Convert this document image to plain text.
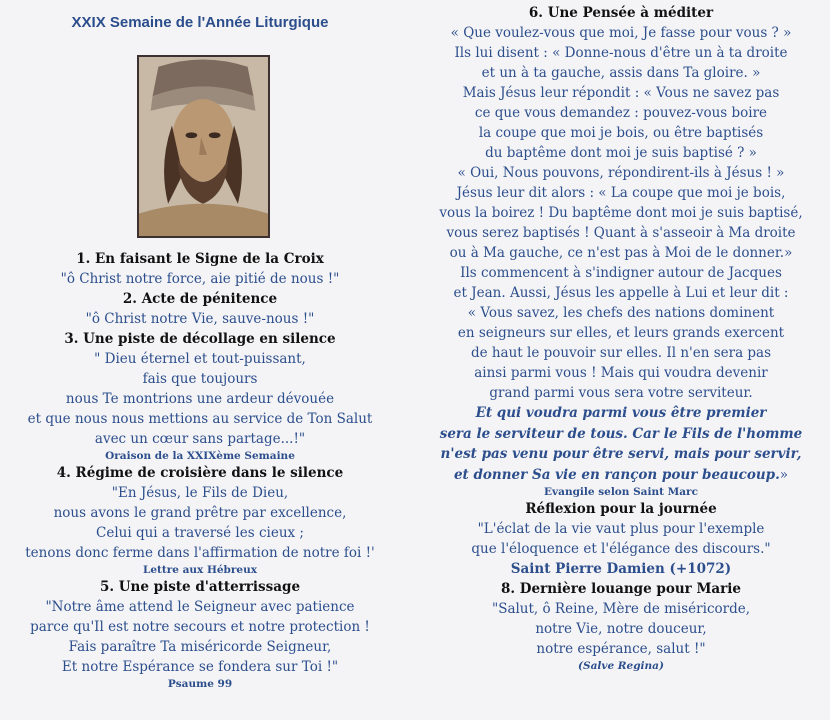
XXIX Semaine de l'Année Liturgique
1. En faisant le Signe de la Croix
"ô Christ notre force, aie pitié de nous !"
2. Acte de pénitence
"ô Christ notre Vie, sauve-nous !"
3. Une piste de décollage en silence
" Dieu éternel et tout-puissant,
fais que toujours
nous Te montrions une ardeur dévouée
et que nous nous mettions au service de Ton Salut
avec un cœur sans partage...!"
Oraison de la XXIXème Semaine
4. Régime de croisière dans le silence
"En Jésus, le Fils de Dieu,
nous avons le grand prêtre par excellence,
Celui qui a traversé les cieux ;
tenons donc ferme dans l'affirmation de notre foi !'
Lettre aux Hébreux
5. Une piste d'atterrissage
"Notre âme attend le Seigneur avec patience
parce qu'Il est notre secours et notre protection !
Fais paraître Ta miséricorde Seigneur,
Et notre Espérance se fondera sur Toi !"
Psaume 99
6. Une Pensée à méditer
« Que voulez-vous que moi, Je fasse pour vous ? »
Ils lui disent : « Donne-nous d'être un à ta droite
et un à ta gauche, assis dans Ta gloire. »
Mais Jésus leur répondit : « Vous ne savez pas
ce que vous demandez : pouvez-vous boire
la coupe que moi je bois, ou être baptisés
du baptême dont moi je suis baptisé ? »
« Oui, Nous pouvons, répondirent-ils à Jésus ! »
Jésus leur dit alors : « La coupe que moi je bois,
vous la boirez ! Du baptême dont moi je suis baptisé,
vous serez baptisés ! Quant à s'asseoir à Ma droite
ou à Ma gauche, ce n'est pas à Moi de le donner.»
Ils commencent à s'indigner autour de Jacques
et Jean. Aussi, Jésus les appelle à Lui et leur dit :
« Vous savez, les chefs des nations dominent
en seigneurs sur elles, et leurs grands exercent
de haut le pouvoir sur elles. Il n'en sera pas
ainsi parmi vous ! Mais qui voudra devenir
grand parmi vous sera votre serviteur.
Et qui voudra parmi vous être premier
sera le serviteur de tous. Car le Fils de l'homme
n'est pas venu pour être servi, mais pour servir,
et donner Sa vie en rançon pour beaucoup.»
Evangile selon Saint Marc
Réflexion pour la journée
"L'éclat de la vie vaut plus pour l'exemple
que l'éloquence et l'élégance des discours."
Saint Pierre Damien (+1072)
8. Dernière louange pour Marie
"Salut, ô Reine, Mère de miséricorde,
notre Vie, notre douceur,
notre espérance, salut !"
(Salve Regina)
